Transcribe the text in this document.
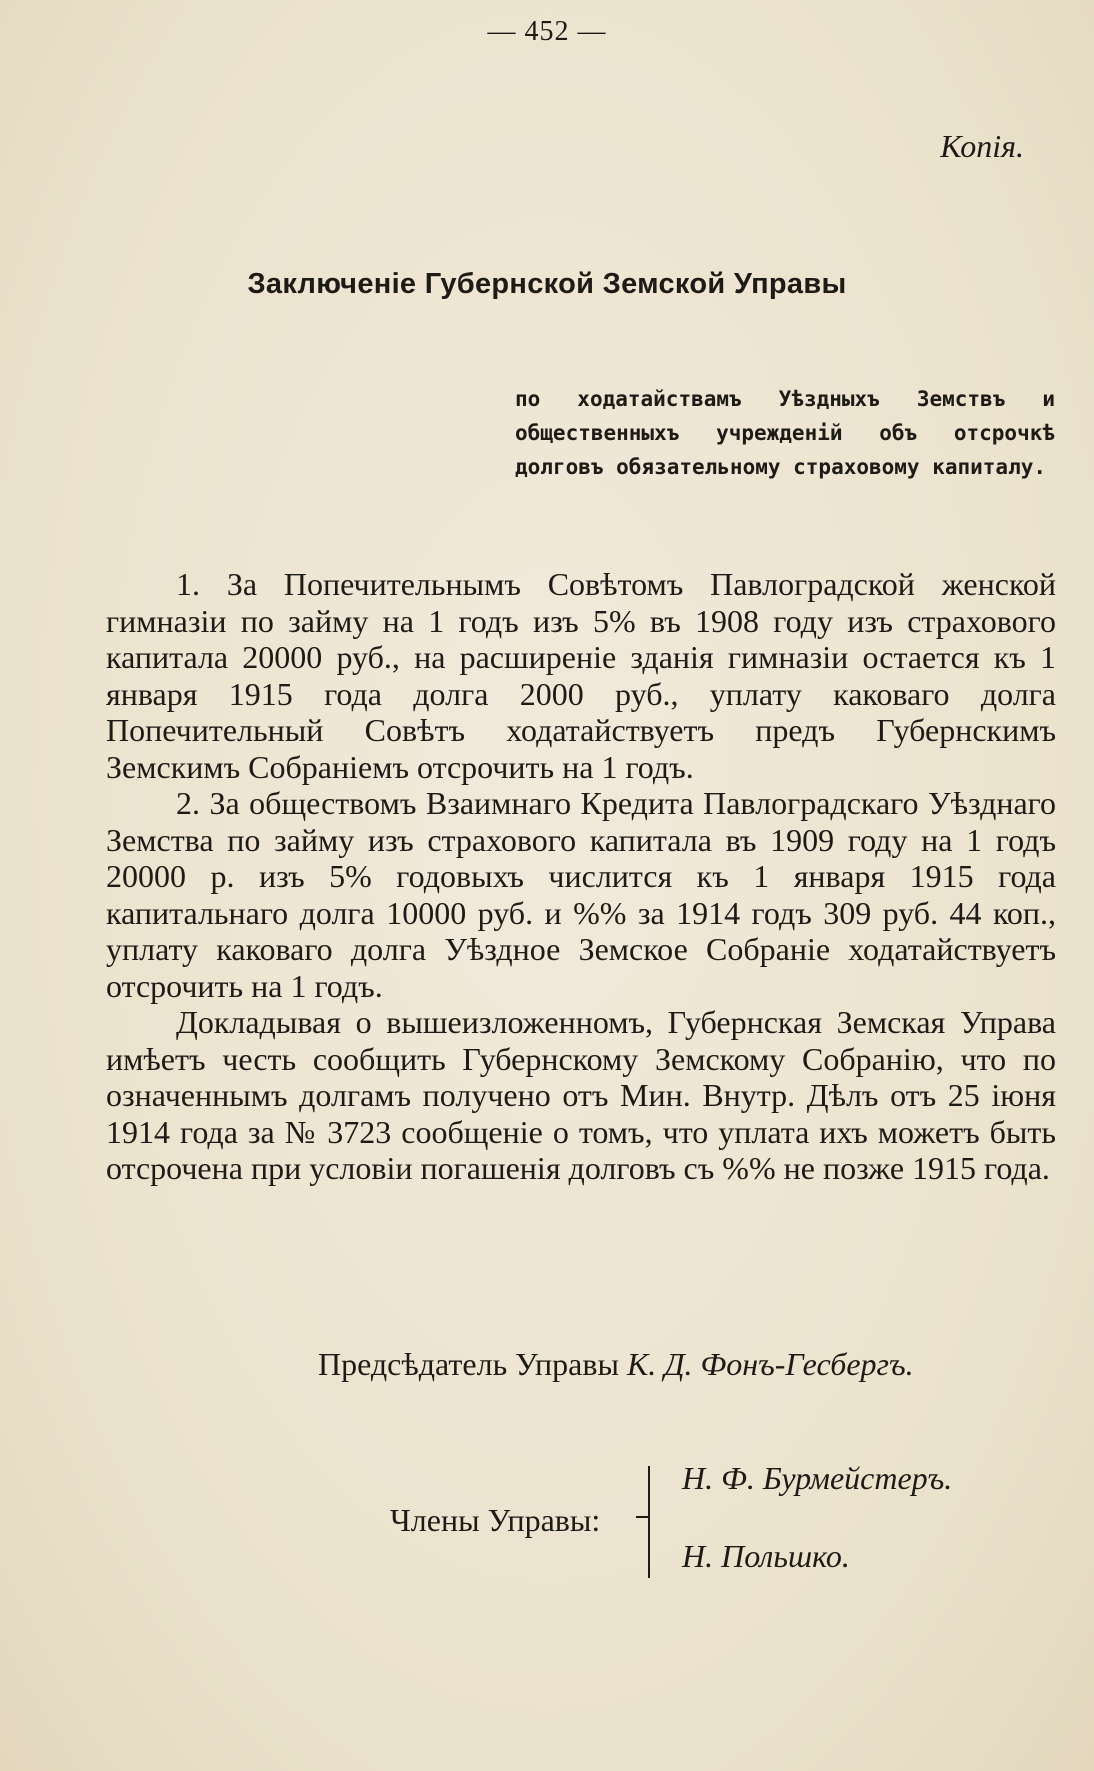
— 452 —
Копія.
Заключеніе Губернской Земской Управы
по ходатайствамъ Уѣздныхъ Земствъ и общественныхъ учрежденій объ отсрочкѣ долговъ обязательному страховому капиталу.

1. За Попечительнымъ Совѣтомъ Павлоградской женской гимназіи по займу на 1 годъ изъ 5% въ 1908 году изъ страхового капитала 20000 руб., на расширеніе зданія гимназіи остается къ 1 января 1915 года долга 2000 руб., уплату каковаго долга Попечительный Совѣтъ ходатайствуетъ предъ Губернскимъ Земскимъ Собраніемъ отсрочить на 1 годъ.

2. За обществомъ Взаимнаго Кредита Павлоградскаго Уѣзднаго Земства по займу изъ страхового капитала въ 1909 году на 1 годъ 20000 р. изъ 5% годовыхъ числится къ 1 января 1915 года капитальнаго долга 10000 руб. и %% за 1914 годъ 309 руб. 44 коп., уплату каковаго долга Уѣздное Земское Собраніе ходатайствуетъ отсрочить на 1 годъ.

Докладывая о вышеизложенномъ, Губернская Земская Управа имѣетъ честь сообщить Губернскому Земскому Собранію, что по означеннымъ долгамъ получено отъ Мин. Внутр. Дѣлъ отъ 25 іюня 1914 года за № 3723 сообщеніе о томъ, что уплата ихъ можетъ быть отсрочена при условіи погашенія долговъ съ %% не позже 1915 года.

Предсѣдатель Управы К. Д. Фонъ-Гесбергъ.
Члены Управы:
Н. Ф. Бурмейстеръ.
Н. Польшко.
